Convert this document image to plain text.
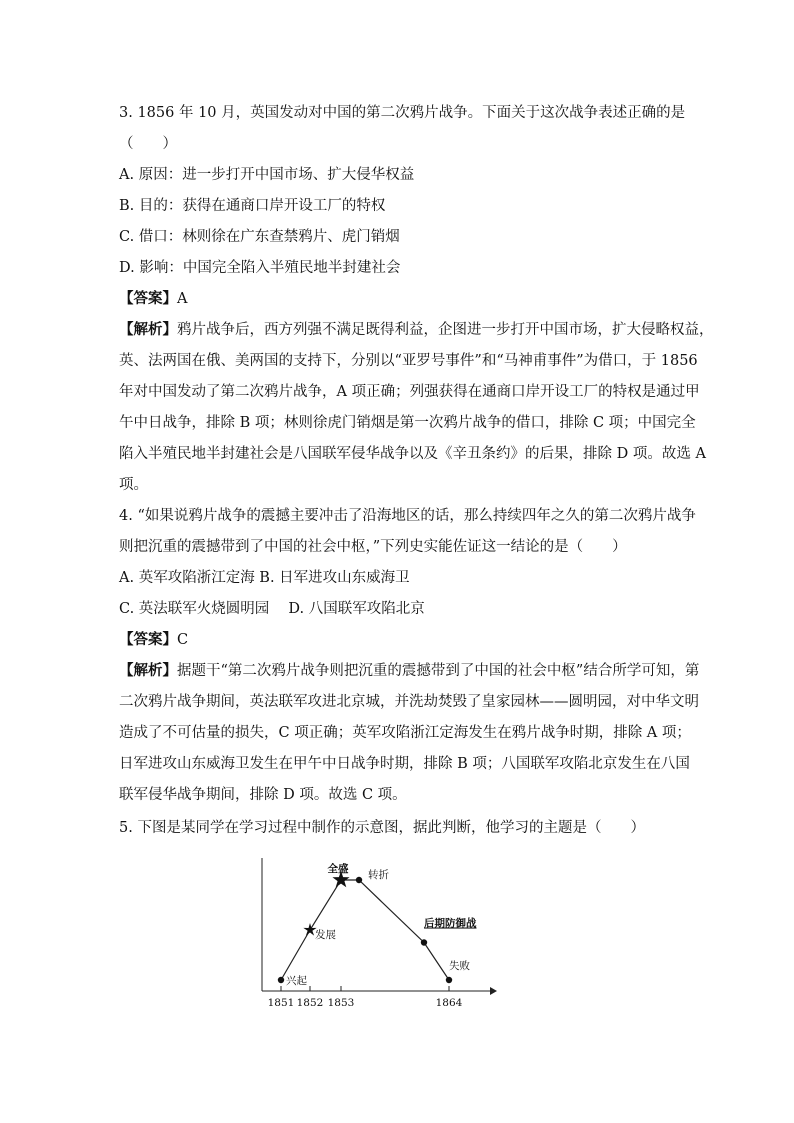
3. 1856 年 10 月，英国发动对中国的第二次鸦片战争。下面关于这次战争表述正确的是
（　　）
A. 原因：进一步打开中国市场、扩大侵华权益
B. 目的：获得在通商口岸开设工厂的特权
C. 借口：林则徐在广东查禁鸦片、虎门销烟
D. 影响：中国完全陷入半殖民地半封建社会
【答案】A
【解析】鸦片战争后，西方列强不满足既得利益，企图进一步打开中国市场，扩大侵略权益，
英、法两国在俄、美两国的支持下，分别以“亚罗号事件”和“马神甫事件”为借口，于 1856
年对中国发动了第二次鸦片战争，A 项正确；列强获得在通商口岸开设工厂的特权是通过甲
午中日战争，排除 B 项；林则徐虎门销烟是第一次鸦片战争的借口，排除 C 项；中国完全
陷入半殖民地半封建社会是八国联军侵华战争以及《辛丑条约》的后果，排除 D 项。故选 A
项。
4. “如果说鸦片战争的震撼主要冲击了沿海地区的话，那么持续四年之久的第二次鸦片战争
则把沉重的震撼带到了中国的社会中枢，”下列史实能佐证这一结论的是（　　）
A. 英军攻陷浙江定海 B. 日军进攻山东威海卫
C. 英法联军火烧圆明园　 D. 八国联军攻陷北京
【答案】C
【解析】据题干“第二次鸦片战争则把沉重的震撼带到了中国的社会中枢”结合所学可知，第
二次鸦片战争期间，英法联军攻进北京城，并洗劫焚毁了皇家园林——圆明园，对中华文明
造成了不可估量的损失，C 项正确；英军攻陷浙江定海发生在鸦片战争时期，排除 A 项；
日军进攻山东威海卫发生在甲午中日战争时期，排除 B 项；八国联军攻陷北京发生在八国
联军侵华战争期间，排除 D 项。故选 C 项。
5. 下图是某同学在学习过程中制作的示意图，据此判断，他学习的主题是（　　）
1851 1852 1853	1864
兴起
发展
全盛 转折
后期防御战
失败
